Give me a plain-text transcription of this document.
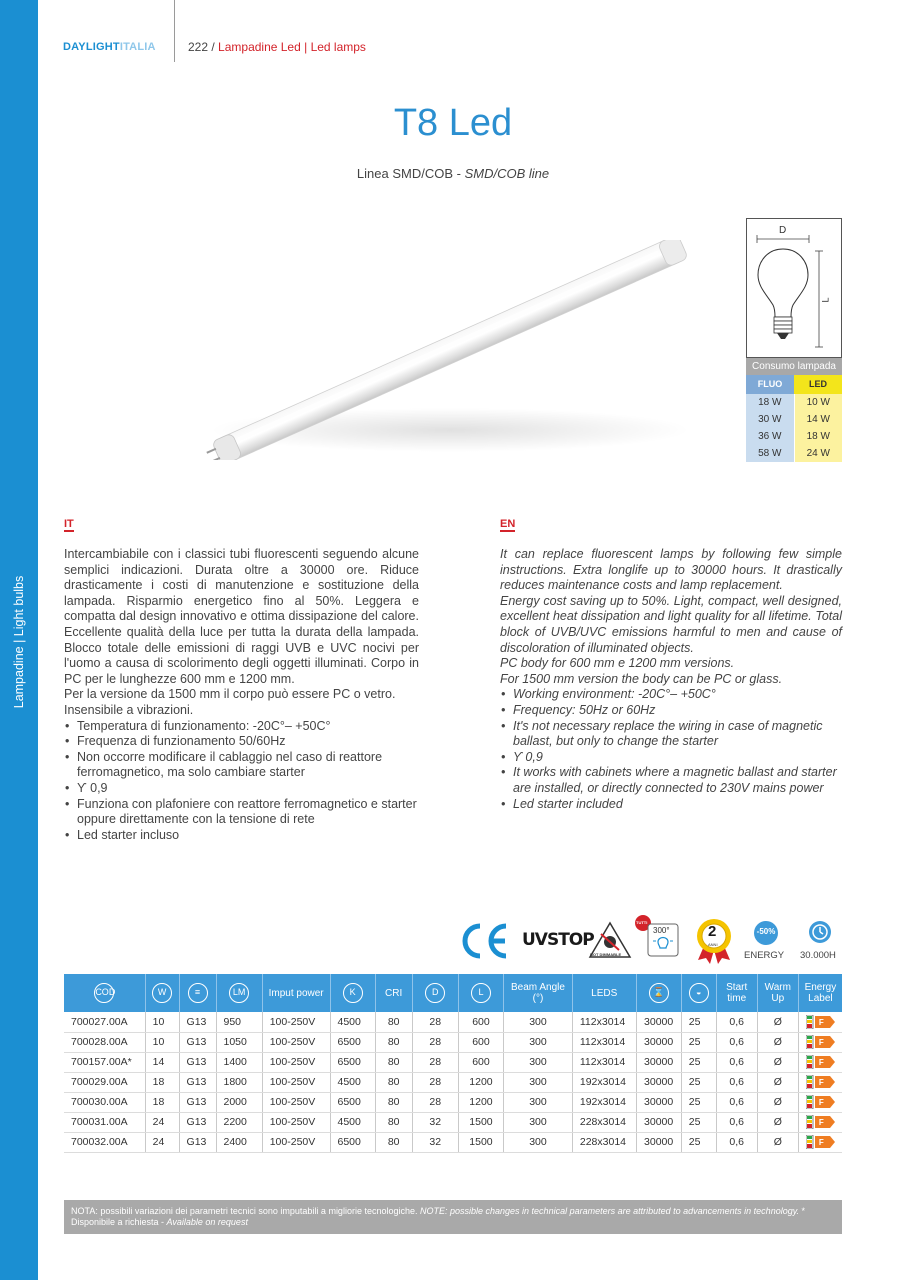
Lampadine | Light bulbs
DAYLIGHTITALIA	222 / Lampadine Led | Led lamps
T8 Led
Linea SMD/COB - SMD/COB line
D
L
Consumo lampada
FLUO	LED
18 W	10 W
30 W	14 W
36 W	18 W
58 W	24 W
IT

Intercambiabile con i classici tubi fluorescenti seguendo alcune semplici indicazioni. Durata oltre a 30000 ore. Riduce drasticamente i costi di manutenzione e sostituzione della lampada. Risparmio energetico fino al 50%. Leggera e compatta dal design innovativo e ottima dissipazione del calore. Eccellente qualità della luce per tutta la durata della lampada. Blocco totale delle emissioni di raggi UVB e UVC nocivi per l'uomo a causa di scolorimento degli oggetti illuminati. Corpo in PC per le lunghezze 600 mm e 1200 mm.

Per la versione da 1500 mm il corpo può essere PC o vetro. Insensibile a vibrazioni.

• Temperatura di funzionamento: -20C°– +50C°
• Frequenza di funzionamento 50/60Hz
• Non occorre modificare il cablaggio nel caso di reattore ferromagnetico, ma solo cambiare starter
• ϒ 0,9
• Funziona con plafoniere con reattore ferromagnetico e starter oppure direttamente con la tensione di rete
• Led starter incluso
EN

It can replace fluorescent lamps by following few simple instructions. Extra longlife up to 30000 hours. It drastically reduces maintenance costs and lamp replacement.

Energy cost saving up to 50%. Light, compact, well designed, excellent heat dissipation and light quality for all lifetime. Total block of UVB/UVC emissions harmful to men and cause of discoloration of illuminated objects.

PC body for 600 mm e 1200 mm versions.

For 1500 mm version the body can be PC or glass.

• Working environment: -20C°– +50C°
• Frequency: 50Hz or 60Hz
• It's not necessary replace the wiring in case of magnetic ballast, but only to change the starter
• ϒ 0,9
• It works with cabinets where a magnetic ballast and starter are installed, or directly connected to 230V mains power
• Led starter included
UVSTOP
NOT DIMMABLE
TUTTI
300°	2
ANNI
-50%
ENERGY 30.000H
COD	W	≡	LM	Imput power	K	CRI	D	L	Beam Angle (°)	LEDS	⌛	◒	Start time	Warm Up	Energy Label
700027.00A	10	G13	950	100-250V	4500	80	28	600	300	112x3014	30000	25	0,6	Ø	F
700028.00A	10	G13	1050	100-250V	6500	80	28	600	300	112x3014	30000	25	0,6	Ø	F
700157.00A*	14	G13	1400	100-250V	6500	80	28	600	300	112x3014	30000	25	0,6	Ø	F
700029.00A	18	G13	1800	100-250V	4500	80	28	1200	300	192x3014	30000	25	0,6	Ø	F
700030.00A	18	G13	2000	100-250V	6500	80	28	1200	300	192x3014	30000	25	0,6	Ø	F
700031.00A	24	G13	2200	100-250V	4500	80	32	1500	300	228x3014	30000	25	0,6	Ø	F
700032.00A	24	G13	2400	100-250V	6500	80	32	1500	300	228x3014	30000	25	0,6	Ø	F
NOTA: possibili variazioni dei parametri tecnici sono imputabili a migliorie tecnologiche. NOTE: possible changes in technical parameters are attributed to advancements in technology. * Disponibile a richiesta - Available on request
